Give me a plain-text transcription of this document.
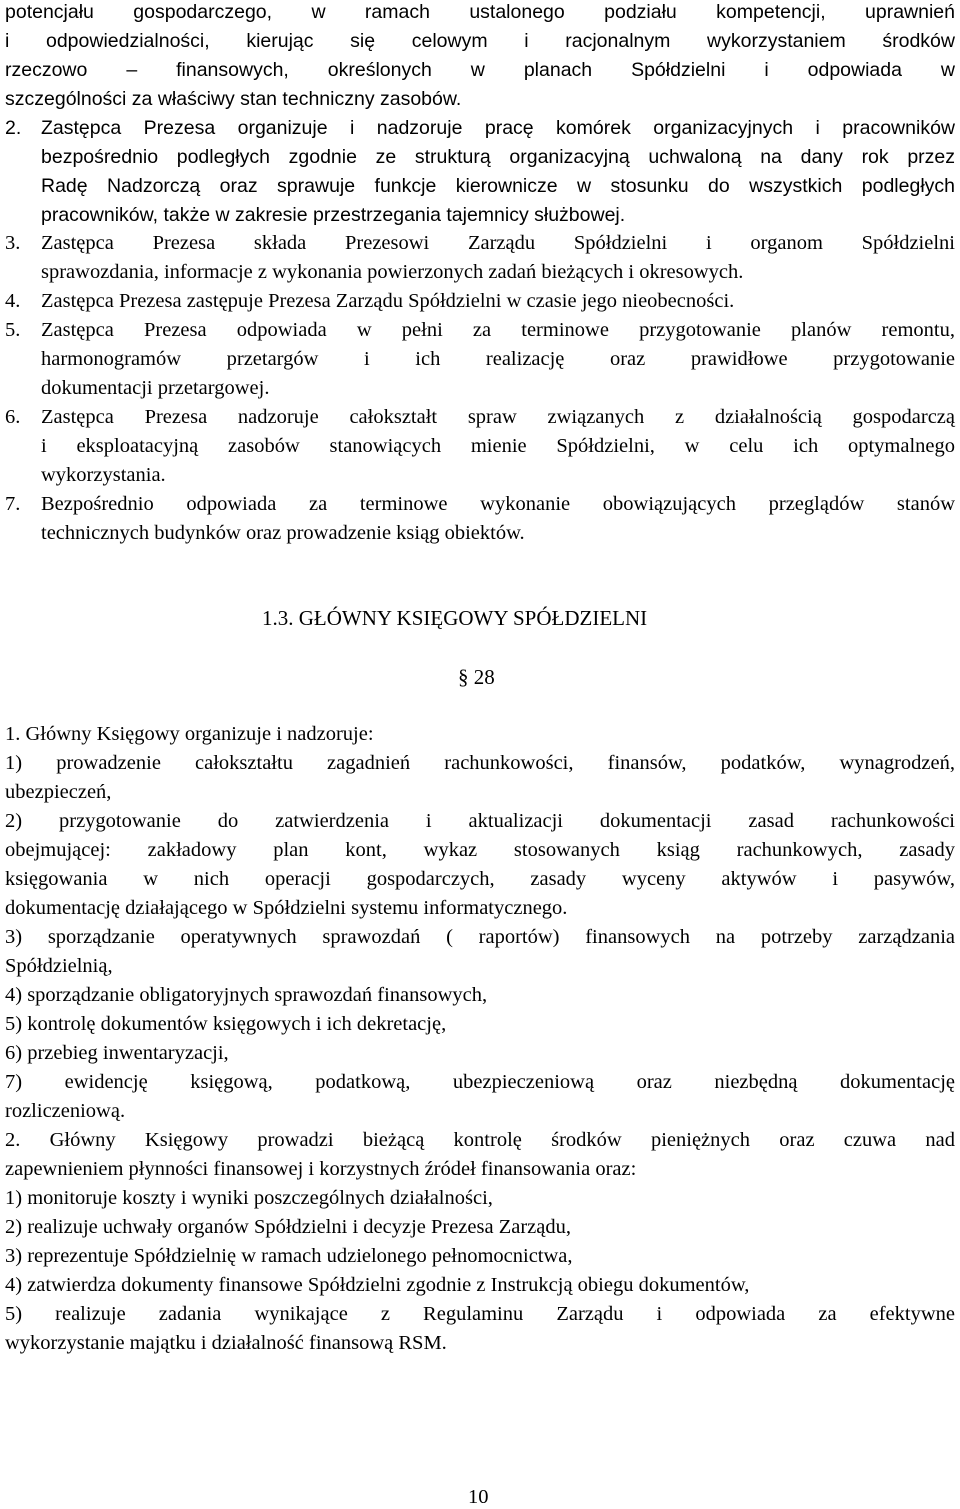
potencjału gospodarczego, w ramach ustalonego podziału kompetencji, uprawnień
i odpowiedzialności, kierując się celowym i racjonalnym wykorzystaniem środków
rzeczowo – finansowych, określonych w planach Spółdzielni i odpowiada w
szczególności za właściwy stan techniczny zasobów.
2. Zastępca Prezesa organizuje i nadzoruje pracę komórek organizacyjnych i pracowników
bezpośrednio podległych zgodnie ze strukturą organizacyjną uchwaloną na dany rok przez
Radę Nadzorczą oraz sprawuje funkcje kierownicze w stosunku do wszystkich podległych
pracowników, także w zakresie przestrzegania tajemnicy służbowej.
3. Zastępca Prezesa składa Prezesowi Zarządu Spółdzielni i organom Spółdzielni
sprawozdania, informacje z wykonania powierzonych zadań bieżących i okresowych.
4. Zastępca Prezesa zastępuje Prezesa Zarządu Spółdzielni w czasie jego nieobecności.
5. Zastępca Prezesa odpowiada w pełni za terminowe przygotowanie planów remontu,
harmonogramów przetargów i ich realizację oraz prawidłowe przygotowanie
dokumentacji przetargowej.
6. Zastępca Prezesa nadzoruje całokształt spraw związanych z działalnością gospodarczą
i eksploatacyjną zasobów stanowiących mienie Spółdzielni, w celu ich optymalnego
wykorzystania.
7. Bezpośrednio odpowiada za terminowe wykonanie obowiązujących przeglądów stanów
technicznych budynków oraz prowadzenie ksiąg obiektów.
1.3. GŁÓWNY KSIĘGOWY SPÓŁDZIELNI
§ 28
1. Główny Księgowy organizuje i nadzoruje:
1) prowadzenie całokształtu zagadnień rachunkowości, finansów, podatków, wynagrodzeń,
ubezpieczeń,
2) przygotowanie do zatwierdzenia i aktualizacji dokumentacji zasad rachunkowości
obejmującej: zakładowy plan kont, wykaz stosowanych ksiąg rachunkowych, zasady
księgowania w nich operacji gospodarczych, zasady wyceny aktywów i pasywów,
dokumentację działającego w Spółdzielni systemu informatycznego.
3) sporządzanie operatywnych sprawozdań ( raportów) finansowych na potrzeby zarządzania
Spółdzielnią,
4) sporządzanie obligatoryjnych sprawozdań finansowych,
5) kontrolę dokumentów księgowych i ich dekretację,
6) przebieg inwentaryzacji,
7) ewidencję księgową, podatkową, ubezpieczeniową oraz niezbędną dokumentację
rozliczeniową.
2. Główny Księgowy prowadzi bieżącą kontrolę środków pieniężnych oraz czuwa nad
zapewnieniem płynności finansowej i korzystnych źródeł finansowania oraz:
1) monitoruje koszty i wyniki poszczególnych działalności,
2) realizuje uchwały organów Spółdzielni i decyzje Prezesa Zarządu,
3) reprezentuje Spółdzielnię w ramach udzielonego pełnomocnictwa,
4) zatwierdza dokumenty finansowe Spółdzielni zgodnie z Instrukcją obiegu dokumentów,
5) realizuje zadania wynikające z Regulaminu Zarządu i odpowiada za efektywne
wykorzystanie majątku i działalność finansową RSM.
10
